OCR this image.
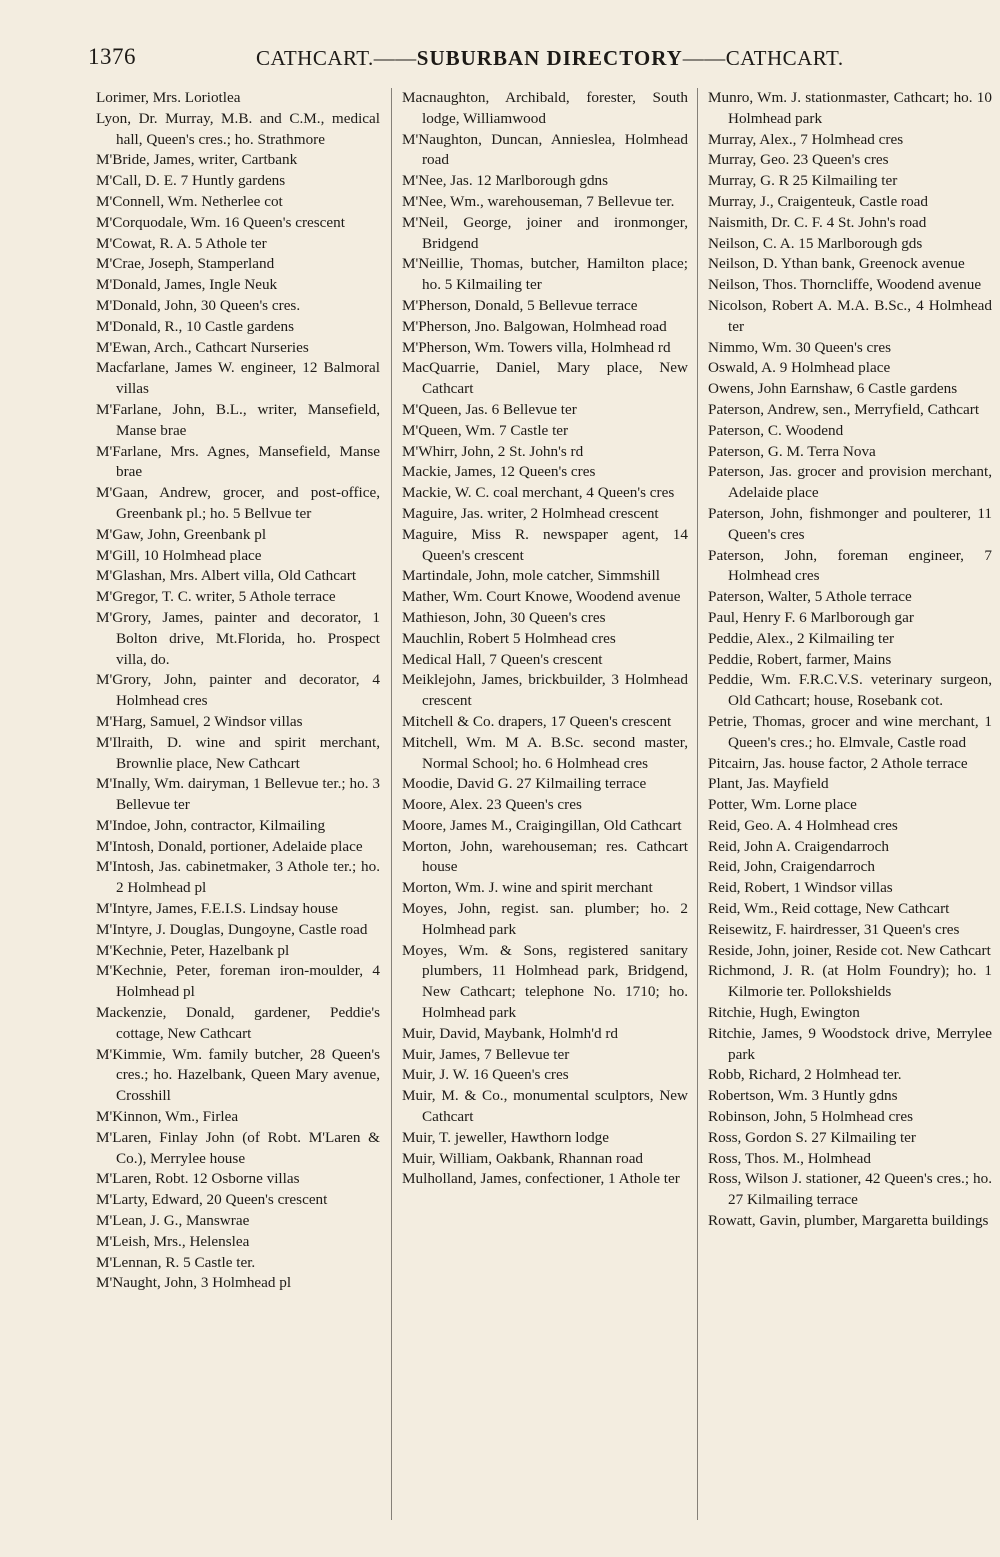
1376	CATHCART.——SUBURBAN DIRECTORY——CATHCART.
Lorimer, Mrs. Loriotlea
Lyon, Dr. Murray, M.B. and C.M., medical hall, Queen's cres.; ho. Strathmore
M'Bride, James, writer, Cartbank
M'Call, D. E. 7 Huntly gardens
M'Connell, Wm. Netherlee cot
M'Corquodale, Wm. 16 Queen's crescent
M'Cowat, R. A. 5 Athole ter
M'Crae, Joseph, Stamperland
M'Donald, James, Ingle Neuk
M'Donald, John, 30 Queen's cres.
M'Donald, R., 10 Castle gardens
M'Ewan, Arch., Cathcart Nurseries
Macfarlane, James W. engineer, 12 Balmoral villas
M'Farlane, John, B.L., writer, Mansefield, Manse brae
M'Farlane, Mrs. Agnes, Mansefield, Manse brae
M'Gaan, Andrew, grocer, and post-office, Greenbank pl.; ho. 5 Bellvue ter
M'Gaw, John, Greenbank pl
M'Gill, 10 Holmhead place
M'Glashan, Mrs. Albert villa, Old Cathcart
M'Gregor, T. C. writer, 5 Athole terrace
M'Grory, James, painter and decorator, 1 Bolton drive, Mt.Florida, ho. Prospect villa, do.
M'Grory, John, painter and decorator, 4 Holmhead cres
M'Harg, Samuel, 2 Windsor villas
M'Ilraith, D. wine and spirit merchant, Brownlie place, New Cathcart
M'Inally, Wm. dairyman, 1 Bellevue ter.; ho. 3 Bellevue ter
M'Indoe, John, contractor, Kilmailing
M'Intosh, Donald, portioner, Adelaide place
M'Intosh, Jas. cabinetmaker, 3 Athole ter.; ho. 2 Holmhead pl
M'Intyre, James, F.E.I.S. Lindsay house
M'Intyre, J. Douglas, Dungoyne, Castle road
M'Kechnie, Peter, Hazelbank pl
M'Kechnie, Peter, foreman iron-moulder, 4 Holmhead pl
Mackenzie, Donald, gardener, Peddie's cottage, New Cathcart
M'Kimmie, Wm. family butcher, 28 Queen's cres.; ho. Hazelbank, Queen Mary avenue, Crosshill
M'Kinnon, Wm., Firlea
M'Laren, Finlay John (of Robt. M'Laren & Co.), Merrylee house
M'Laren, Robt. 12 Osborne villas
M'Larty, Edward, 20 Queen's crescent
M'Lean, J. G., Manswrae
M'Leish, Mrs., Helenslea
M'Lennan, R. 5 Castle ter.
M'Naught, John, 3 Holmhead pl
Macnaughton, Archibald, forester, South lodge, Williamwood
M'Naughton, Duncan, Annieslea, Holmhead road
M'Nee, Jas. 12 Marlborough gdns
M'Nee, Wm., warehouseman, 7 Bellevue ter.
M'Neil, George, joiner and ironmonger, Bridgend
M'Neillie, Thomas, butcher, Hamilton place; ho. 5 Kilmailing ter
M'Pherson, Donald, 5 Bellevue terrace
M'Pherson, Jno. Balgowan, Holmhead road
M'Pherson, Wm. Towers villa, Holmhead rd
MacQuarrie, Daniel, Mary place, New Cathcart
M'Queen, Jas. 6 Bellevue ter
M'Queen, Wm. 7 Castle ter
M'Whirr, John, 2 St. John's rd
Mackie, James, 12 Queen's cres
Mackie, W. C. coal merchant, 4 Queen's cres
Maguire, Jas. writer, 2 Holmhead crescent
Maguire, Miss R. newspaper agent, 14 Queen's crescent
Martindale, John, mole catcher, Simmshill
Mather, Wm. Court Knowe, Woodend avenue
Mathieson, John, 30 Queen's cres
Mauchlin, Robert 5 Holmhead cres
Medical Hall, 7 Queen's crescent
Meiklejohn, James, brickbuilder, 3 Holmhead crescent
Mitchell & Co. drapers, 17 Queen's crescent
Mitchell, Wm. M A. B.Sc. second master, Normal School; ho. 6 Holmhead cres
Moodie, David G. 27 Kilmailing terrace
Moore, Alex. 23 Queen's cres
Moore, James M., Craigingillan, Old Cathcart
Morton, John, warehouseman; res. Cathcart house
Morton, Wm. J. wine and spirit merchant
Moyes, John, regist. san. plumber; ho. 2 Holmhead park
Moyes, Wm. & Sons, registered sanitary plumbers, 11 Holmhead park, Bridgend, New Cathcart; telephone No. 1710; ho. Holmhead park
Muir, David, Maybank, Holmh'd rd
Muir, James, 7 Bellevue ter
Muir, J. W. 16 Queen's cres
Muir, M. & Co., monumental sculptors, New Cathcart
Muir, T. jeweller, Hawthorn lodge
Muir, William, Oakbank, Rhannan road
Mulholland, James, confectioner, 1 Athole ter
Munro, Wm. J. stationmaster, Cathcart; ho. 10 Holmhead park
Murray, Alex., 7 Holmhead cres
Murray, Geo. 23 Queen's cres
Murray, G. R 25 Kilmailing ter
Murray, J., Craigenteuk, Castle road
Naismith, Dr. C. F. 4 St. John's road
Neilson, C. A. 15 Marlborough gds
Neilson, D. Ythan bank, Greenock avenue
Neilson, Thos. Thorncliffe, Woodend avenue
Nicolson, Robert A. M.A. B.Sc., 4 Holmhead ter
Nimmo, Wm. 30 Queen's cres
Oswald, A. 9 Holmhead place
Owens, John Earnshaw, 6 Castle gardens
Paterson, Andrew, sen., Merryfield, Cathcart
Paterson, C. Woodend
Paterson, G. M. Terra Nova
Paterson, Jas. grocer and provision merchant, Adelaide place
Paterson, John, fishmonger and poulterer, 11 Queen's cres
Paterson, John, foreman engineer, 7 Holmhead cres
Paterson, Walter, 5 Athole terrace
Paul, Henry F. 6 Marlborough gar
Peddie, Alex., 2 Kilmailing ter
Peddie, Robert, farmer, Mains
Peddie, Wm. F.R.C.V.S. veterinary surgeon, Old Cathcart; house, Rosebank cot.
Petrie, Thomas, grocer and wine merchant, 1 Queen's cres.; ho. Elmvale, Castle road
Pitcairn, Jas. house factor, 2 Athole terrace
Plant, Jas. Mayfield
Potter, Wm. Lorne place
Reid, Geo. A. 4 Holmhead cres
Reid, John A. Craigendarroch
Reid, John, Craigendarroch
Reid, Robert, 1 Windsor villas
Reid, Wm., Reid cottage, New Cathcart
Reisewitz, F. hairdresser, 31 Queen's cres
Reside, John, joiner, Reside cot. New Cathcart
Richmond, J. R. (at Holm Foundry); ho. 1 Kilmorie ter. Pollokshields
Ritchie, Hugh, Ewington
Ritchie, James, 9 Woodstock drive, Merrylee park
Robb, Richard, 2 Holmhead ter.
Robertson, Wm. 3 Huntly gdns
Robinson, John, 5 Holmhead cres
Ross, Gordon S. 27 Kilmailing ter
Ross, Thos. M., Holmhead
Ross, Wilson J. stationer, 42 Queen's cres.; ho. 27 Kilmailing terrace
Rowatt, Gavin, plumber, Margaretta buildings
